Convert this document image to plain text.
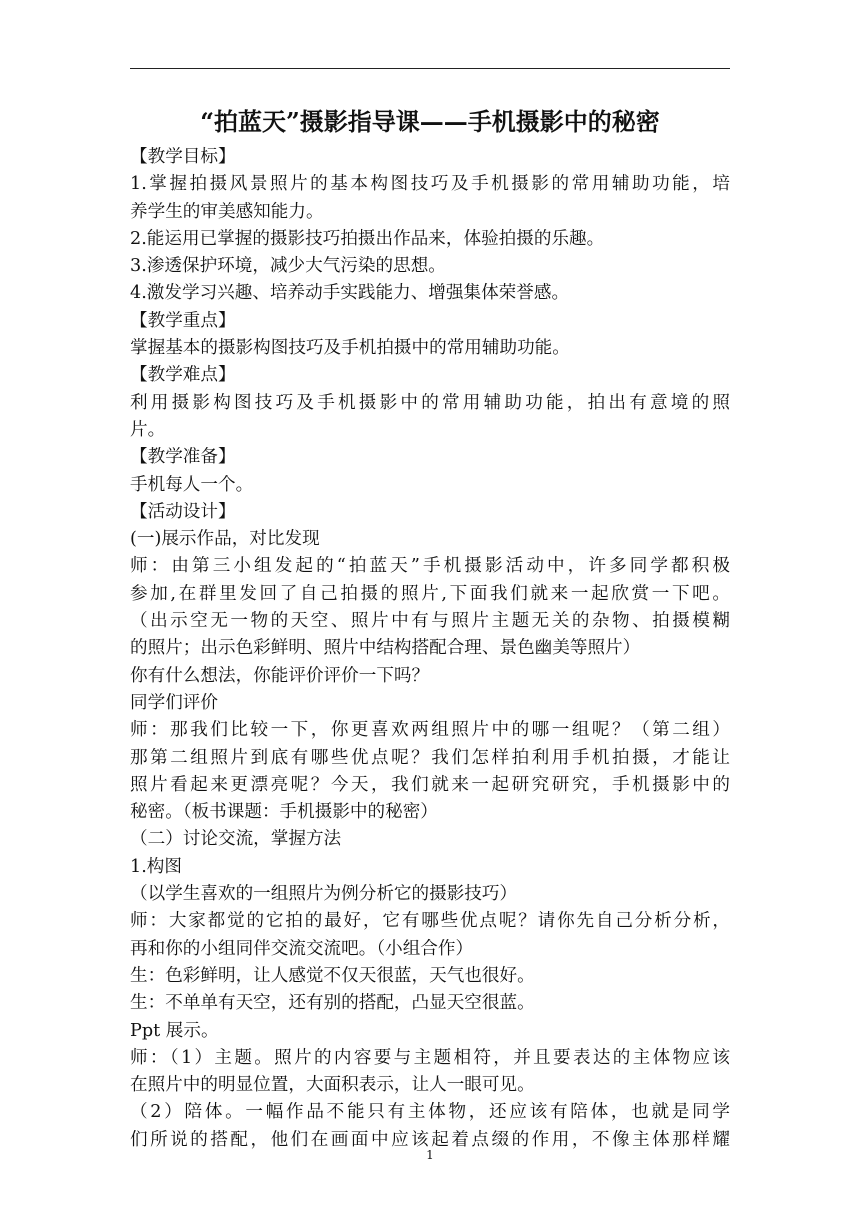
“拍蓝天”摄影指导课——手机摄影中的秘密
【教学目标】
1.掌握拍摄风景照片的基本构图技巧及手机摄影的常用辅助功能，培
养学生的审美感知能力。
2.能运用已掌握的摄影技巧拍摄出作品来，体验拍摄的乐趣。
3.渗透保护环境，减少大气污染的思想。
4.激发学习兴趣、培养动手实践能力、增强集体荣誉感。
【教学重点】
掌握基本的摄影构图技巧及手机拍摄中的常用辅助功能。
【教学难点】
利用摄影构图技巧及手机摄影中的常用辅助功能，拍出有意境的照
片。
【教学准备】
手机每人一个。
【活动设计】
(一)展示作品，对比发现
师：由第三小组发起的“拍蓝天”手机摄影活动中，许多同学都积极
参加,在群里发回了自己拍摄的照片,下面我们就来一起欣赏一下吧。
（出示空无一物的天空、照片中有与照片主题无关的杂物、拍摄模糊
的照片；出示色彩鲜明、照片中结构搭配合理、景色幽美等照片）
你有什么想法，你能评价评价一下吗？
同学们评价
师：那我们比较一下，你更喜欢两组照片中的哪一组呢？（第二组）
那第二组照片到底有哪些优点呢？我们怎样拍利用手机拍摄，才能让
照片看起来更漂亮呢？今天，我们就来一起研究研究，手机摄影中的
秘密。（板书课题：手机摄影中的秘密）
（二）讨论交流，掌握方法
1.构图
（以学生喜欢的一组照片为例分析它的摄影技巧）
师：大家都觉的它拍的最好，它有哪些优点呢？请你先自己分析分析，
再和你的小组同伴交流交流吧。（小组合作）
生：色彩鲜明，让人感觉不仅天很蓝，天气也很好。
生：不单单有天空，还有别的搭配，凸显天空很蓝。
Ppt 展示。
师：（1）主题。照片的内容要与主题相符，并且要表达的主体物应该
在照片中的明显位置，大面积表示，让人一眼可见。
（2）陪体。一幅作品不能只有主体物，还应该有陪体，也就是同学
们所说的搭配，他们在画面中应该起着点缀的作用，不像主体那样耀
1
